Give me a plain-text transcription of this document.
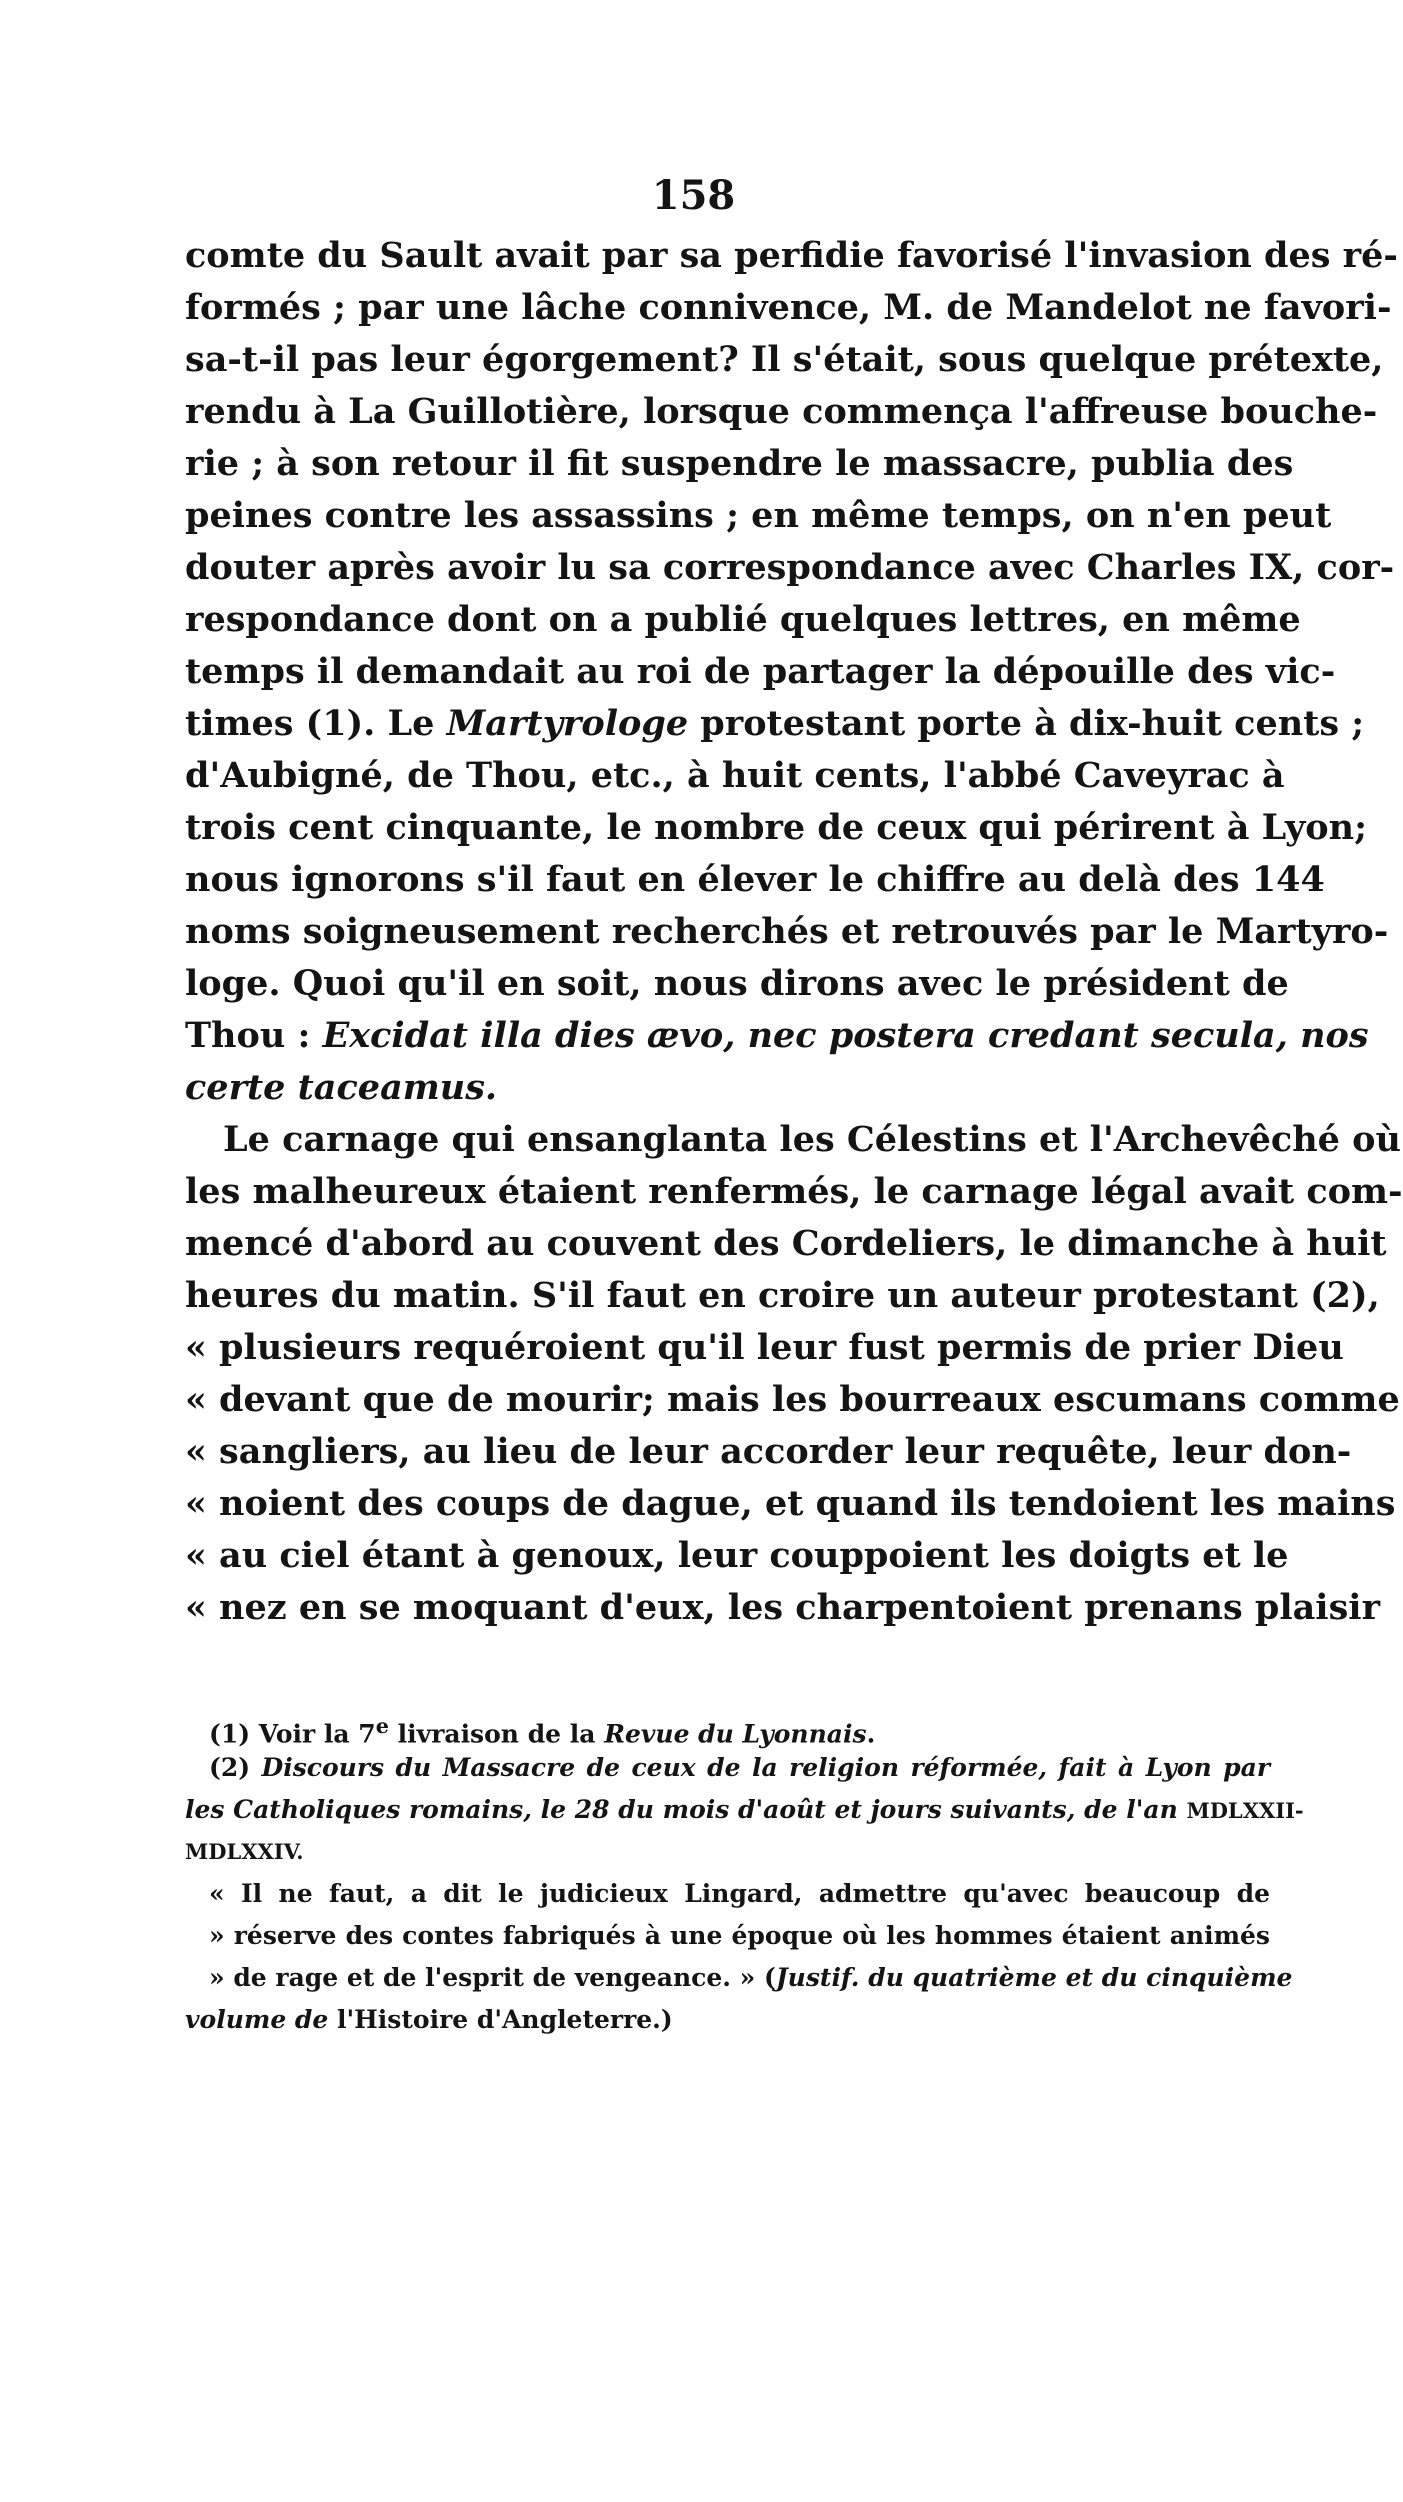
158
comte du Sault avait par sa perfidie favorisé l'invasion des ré-
formés ; par une lâche connivence, M. de Mandelot ne favori-
sa-t-il pas leur égorgement? Il s'était, sous quelque prétexte,
rendu à La Guillotière, lorsque commença l'affreuse bouche-
rie ; à son retour il fit suspendre le massacre, publia des
peines contre les assassins ; en même temps, on n'en peut
douter après avoir lu sa correspondance avec Charles IX, cor-
respondance dont on a publié quelques lettres, en même
temps il demandait au roi de partager la dépouille des vic-
times (1). Le Martyrologe protestant porte à dix-huit cents ;
d'Aubigné, de Thou, etc., à huit cents, l'abbé Caveyrac à
trois cent cinquante, le nombre de ceux qui périrent à Lyon;
nous ignorons s'il faut en élever le chiffre au delà des 144
noms soigneusement recherchés et retrouvés par le Martyro-
loge. Quoi qu'il en soit, nous dirons avec le président de
Thou : Excidat illa dies ævo, nec postera credant secula, nos
certe taceamus.
Le carnage qui ensanglanta les Célestins et l'Archevêché où
les malheureux étaient renfermés, le carnage légal avait com-
mencé d'abord au couvent des Cordeliers, le dimanche à huit
heures du matin. S'il faut en croire un auteur protestant (2),
« plusieurs requéroient qu'il leur fust permis de prier Dieu
« devant que de mourir; mais les bourreaux escumans comme
« sangliers, au lieu de leur accorder leur requête, leur don-
« noient des coups de dague, et quand ils tendoient les mains
« au ciel étant à genoux, leur couppoient les doigts et le
« nez en se moquant d'eux, les charpentoient prenans plaisir
(1) Voir la 7e livraison de la Revue du Lyonnais.
(2) Discours du Massacre de ceux de la religion réformée, fait à Lyon par
les Catholiques romains, le 28 du mois d'août et jours suivants, de l'an MDLXXII-
MDLXXIV.
« Il ne faut, a dit le judicieux Lingard, admettre qu'avec beaucoup de
» réserve des contes fabriqués à une époque où les hommes étaient animés
» de rage et de l'esprit de vengeance. » (Justif. du quatrième et du cinquième
volume de l'Histoire d'Angleterre.)
